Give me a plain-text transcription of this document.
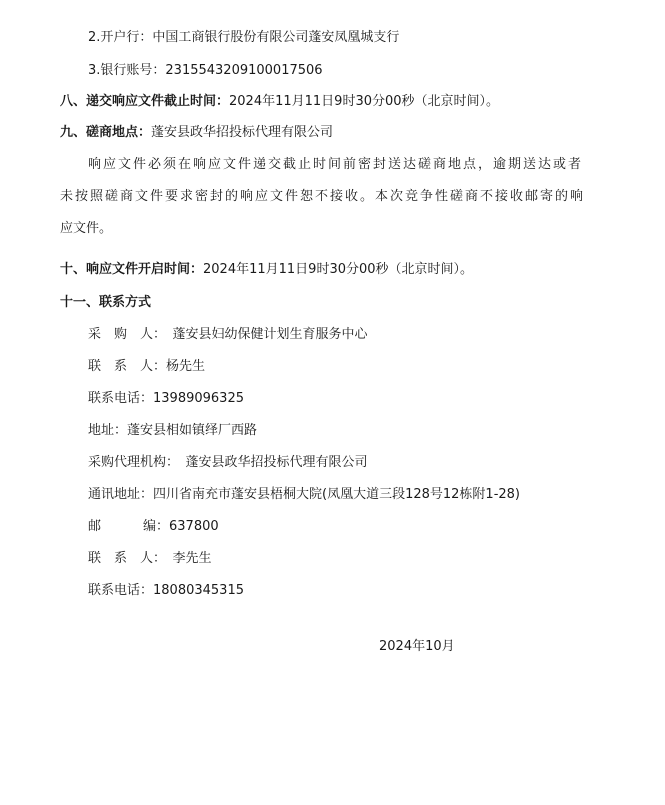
2.开户行：中国工商银行股份有限公司蓬安凤凰城支行
3.银行账号：2315543209100017506
八、递交响应文件截止时间：2024年11月11日9时30分00秒（北京时间）。
九、磋商地点：蓬安县政华招投标代理有限公司
响应文件必须在响应文件递交截止时间前密封送达磋商地点，逾期送达或者
未按照磋商文件要求密封的响应文件恕不接收。本次竞争性磋商不接收邮寄的响
应文件。
十、响应文件开启时间：2024年11月11日9时30分00秒（北京时间）。
十一、联系方式
采　购　人：　蓬安县妇幼保健计划生育服务中心
联　系　人：杨先生
联系电话：13989096325
地址：蓬安县相如镇绎厂西路
采购代理机构：　蓬安县政华招投标代理有限公司
通讯地址：四川省南充市蓬安县梧桐大院(凤凰大道三段128号12栋附1-28)
邮	编：637800
联　系　人：　李先生
联系电话：18080345315
2024年10月
